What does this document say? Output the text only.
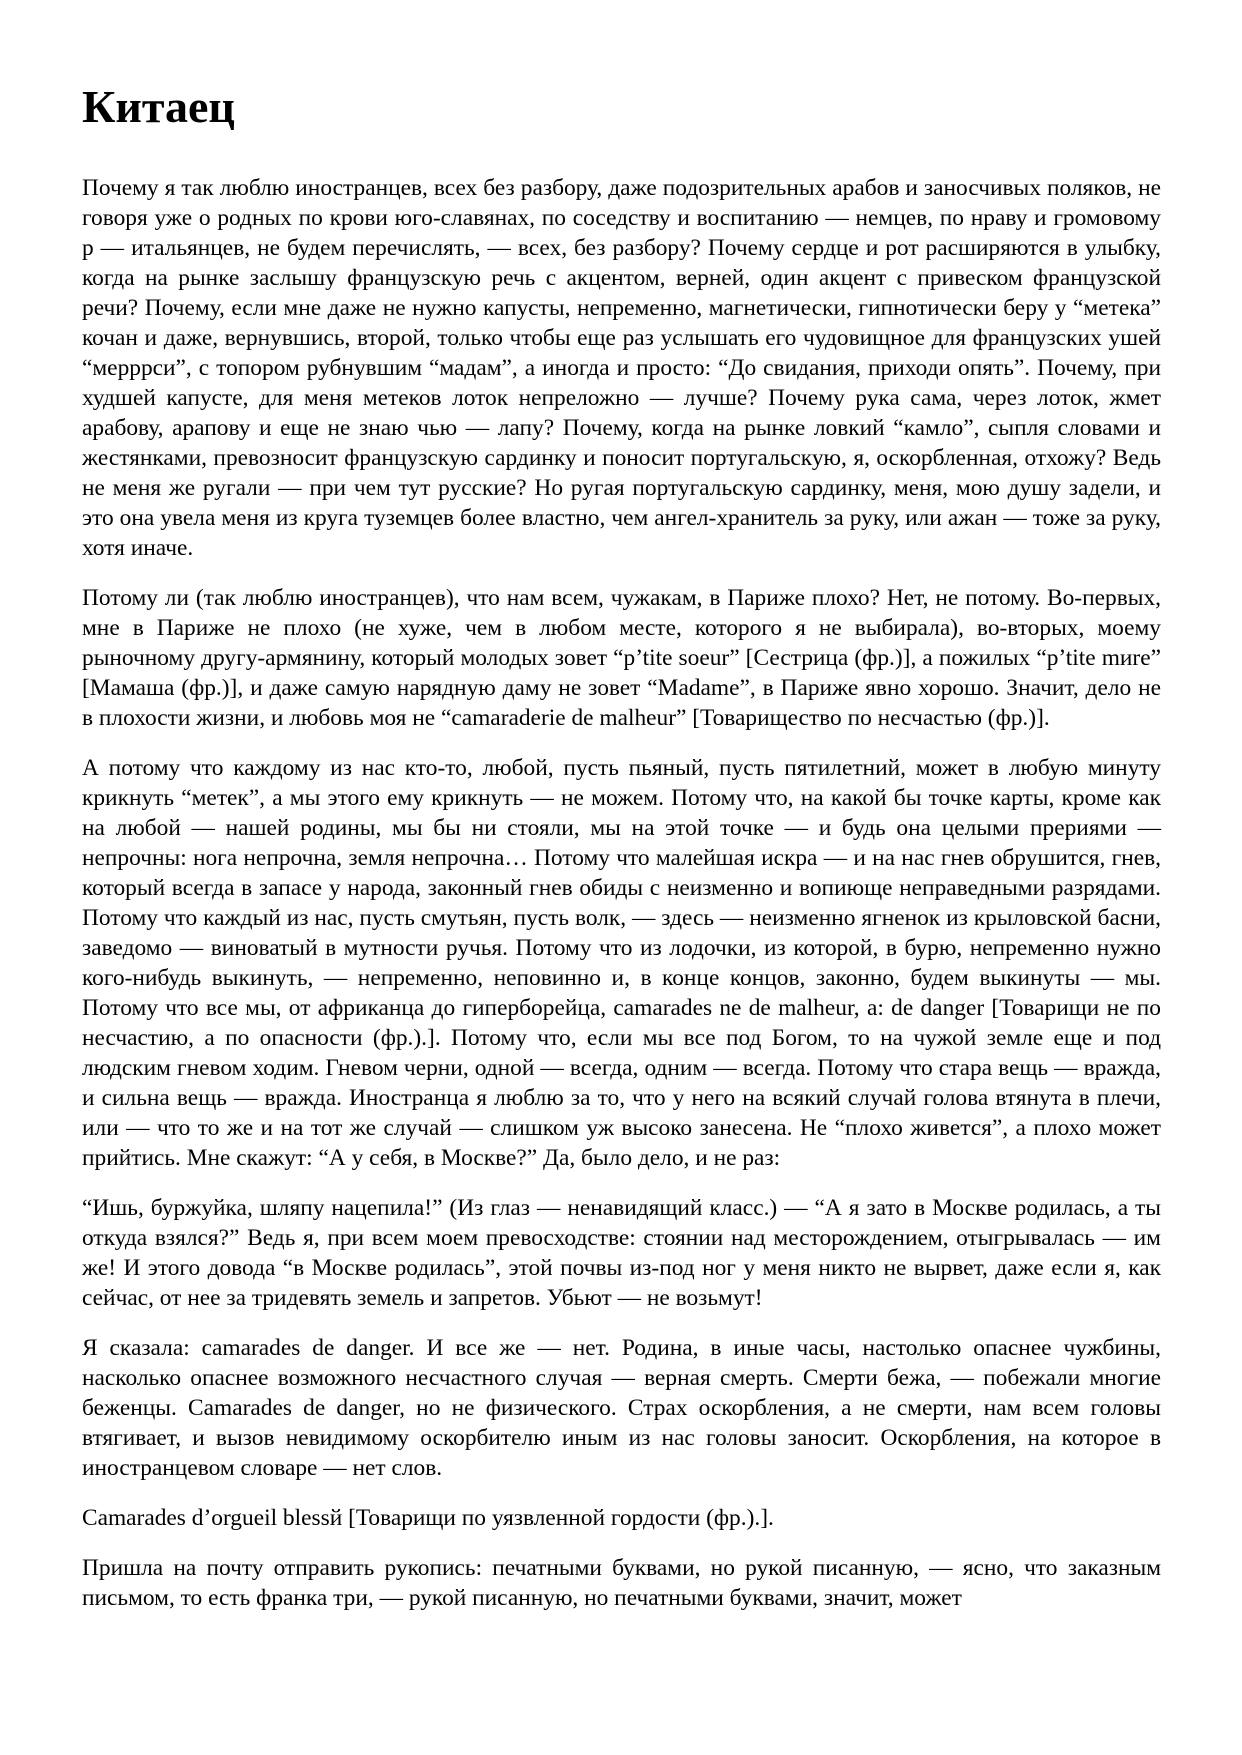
Китаец

Почему я так люблю иностранцев, всех без разбору, даже подозрительных арабов и заносчивых поляков, не говоря уже о родных по крови юго-славянах, по соседству и воспитанию — немцев, по нраву и громовому р — итальянцев, не будем перечислять, — всех, без разбору? Почему сердце и рот расширяются в улыбку, когда на рынке заслышу французскую речь с акцентом, верней, один акцент с привеском французской речи? Почему, если мне даже не нужно капусты, непременно, магнетически, гипнотически беру у “метека” кочан и даже, вернувшись, второй, только чтобы еще раз услышать его чудовищное для французских ушей “мерррси”, с топором рубнувшим “мадам”, а иногда и просто: “До свидания, приходи опять”. Почему, при худшей капусте, для меня метеков лоток непреложно — лучше? Почему рука сама, через лоток, жмет арабову, арапову и еще не знаю чью — лапу? Почему, когда на рынке ловкий “камло”, сыпля словами и жестянками, превозносит французскую сардинку и поносит португальскую, я, оскорбленная, отхожу? Ведь не меня же ругали — при чем тут русские? Но ругая португальскую сардинку, меня, мою душу задели, и это она увела меня из круга туземцев более властно, чем ангел-хранитель за руку, или ажан — тоже за руку, хотя иначе.

Потому ли (так люблю иностранцев), что нам всем, чужакам, в Париже плохо? Нет, не потому. Во-первых, мне в Париже не плохо (не хуже, чем в любом месте, которого я не выбирала), во-вторых, моему рыночному другу-армянину, который молодых зовет “p’tite soeur” [Сестрица (фр.)], а пожилых “p’tite mиre” [Мамаша (фр.)], и даже самую нарядную даму не зовет “Madame”, в Париже явно хорошо. Значит, дело не в плохости жизни, и любовь моя не “camaraderie de malheur” [Товарищество по несчастью (фр.)].

А потому что каждому из нас кто-то, любой, пусть пьяный, пусть пятилетний, может в любую минуту крикнуть “метек”, а мы этого ему крикнуть — не можем. Потому что, на какой бы точке карты, кроме как на любой — нашей родины, мы бы ни стояли, мы на этой точке — и будь она целыми прериями — непрочны: нога непрочна, земля непрочна… Потому что малейшая искра — и на нас гнев обрушится, гнев, который всегда в запасе у народа, законный гнев обиды с неизменно и вопиюще неправедными разрядами. Потому что каждый из нас, пусть смутьян, пусть волк, — здесь — неизменно ягненок из крыловской басни, заведомо — виноватый в мутности ручья. Потому что из лодочки, из которой, в бурю, непременно нужно кого-нибудь выкинуть, — непременно, неповинно и, в конце концов, законно, будем выкинуты — мы. Потому что все мы, от африканца до гиперборейца, camarades ne de malheur, a: de danger [Товарищи не по несчастию, а по опасности (фр.).]. Потому что, если мы все под Богом, то на чужой земле еще и под людским гневом ходим. Гневом черни, одной — всегда, одним — всегда. Потому что стара вещь — вражда, и сильна вещь — вражда. Иностранца я люблю за то, что у него на всякий случай голова втянута в плечи, или — что то же и на тот же случай — слишком уж высоко занесена. Не “плохо живется”, а плохо может прийтись. Мне скажут: “А у себя, в Москве?” Да, было дело, и не раз:

“Ишь, буржуйка, шляпу нацепила!” (Из глаз — ненавидящий класс.) — “А я зато в Москве родилась, а ты откуда взялся?” Ведь я, при всем моем превосходстве: стоянии над месторождением, отыгрывалась — им же! И этого довода “в Москве родилась”, этой почвы из-под ног у меня никто не вырвет, даже если я, как сейчас, от нее за тридевять земель и запретов. Убьют — не возьмут!

Я сказала: camarades de danger. И все же — нет. Родина, в иные часы, настолько опаснее чужбины, насколько опаснее возможного несчастного случая — верная смерть. Смерти бежа, — побежали многие беженцы. Camarades de danger, но не физического. Страх оскорбления, а не смерти, нам всем головы втягивает, и вызов невидимому оскорбителю иным из нас головы заносит. Оскорбления, на которое в иностранцевом словаре — нет слов.

Camarades d’orgueil blessй [Товарищи по уязвленной гордости (фр.).].

Пришла на почту отправить рукопись: печатными буквами, но рукой писанную, — ясно, что заказным письмом, то есть франка три, — рукой писанную, но печатными буквами, значит, может
